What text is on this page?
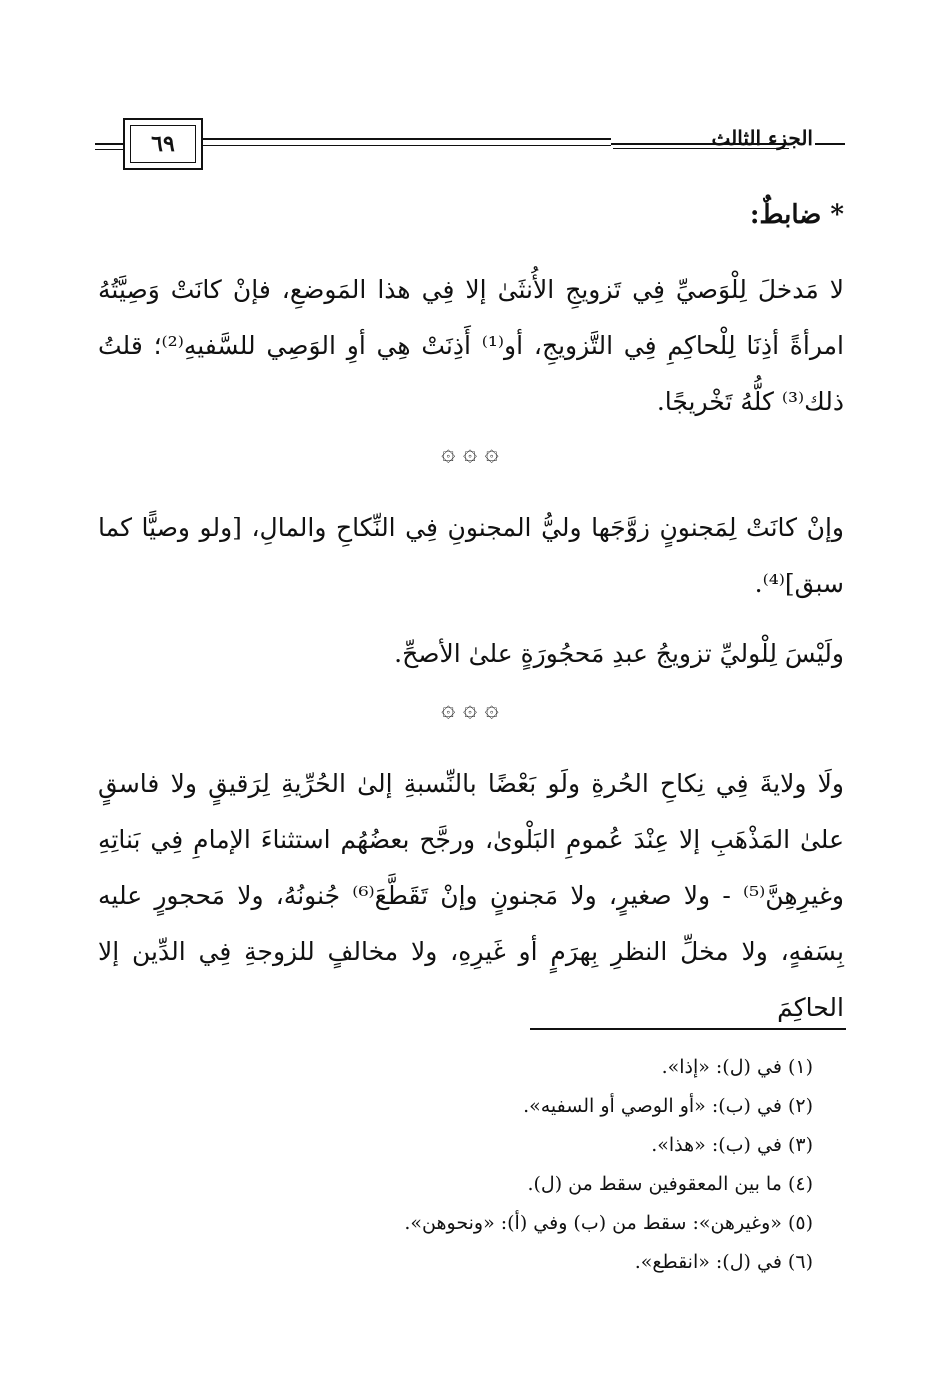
الجزء الثالث
٦٩
* ضابطٌ:
لا مَدخلَ لِلْوَصيِّ فِي تَزويجِ الأُنثَىٰ إلا فِي هذا المَوضعِ، فإنْ كانَتْ وَصِيَّتُهُ امرأةً أذِنَا لِلْحاكِمِ فِي التَّزويجِ، أو⁽¹⁾ أَذِنَتْ هِي أوِ الوَصِي للسَّفيهِ⁽²⁾؛ قلتُ ذلك⁽³⁾ كلُّهُ تَخْريجًا.
۞ ۞ ۞
وإنْ كانَتْ لِمَجنونٍ زوَّجَها وليُّ المجنونِ فِي النِّكاحِ والمالِ، [ولو وصيًّا كما سبق]⁽⁴⁾.
ولَيْسَ لِلْوليِّ تزويجُ عبدِ مَحجُورَةٍ علىٰ الأصحِّ.
۞ ۞ ۞
ولَا ولايةَ فِي نِكاحِ الحُرةِ ولَو بَعْضًا بالنِّسبةِ إلىٰ الحُرِّيةِ لِرَقيقٍ ولا فاسقٍ علىٰ المَذْهَبِ إلا عِنْدَ عُمومِ البَلْوىٰ، ورجَّح بعضُهُم استثناءَ الإمامِ فِي بَناتِهِ وغيرِهِنَّ⁽⁵⁾ - ولا صغيرٍ، ولا مَجنونٍ وإنْ تَقَطَّعَ⁽⁶⁾ جُنونُهُ، ولا مَحجورٍ عليه بِسَفهٍ، ولا مخلِّ النظرِ بِهرَمٍ أو غَيرِهِ، ولا مخالفٍ للزوجةِ فِي الدِّين إلا الحاكِمَ
(١) في (ل): «إذا».
(٢) في (ب): «أو الوصي أو السفيه».
(٣) في (ب): «هذا».
(٤) ما بين المعقوفين سقط من (ل).
(٥) «وغيرهن»: سقط من (ب) وفي (أ): «ونحوهن».
(٦) في (ل): «انقطع».
